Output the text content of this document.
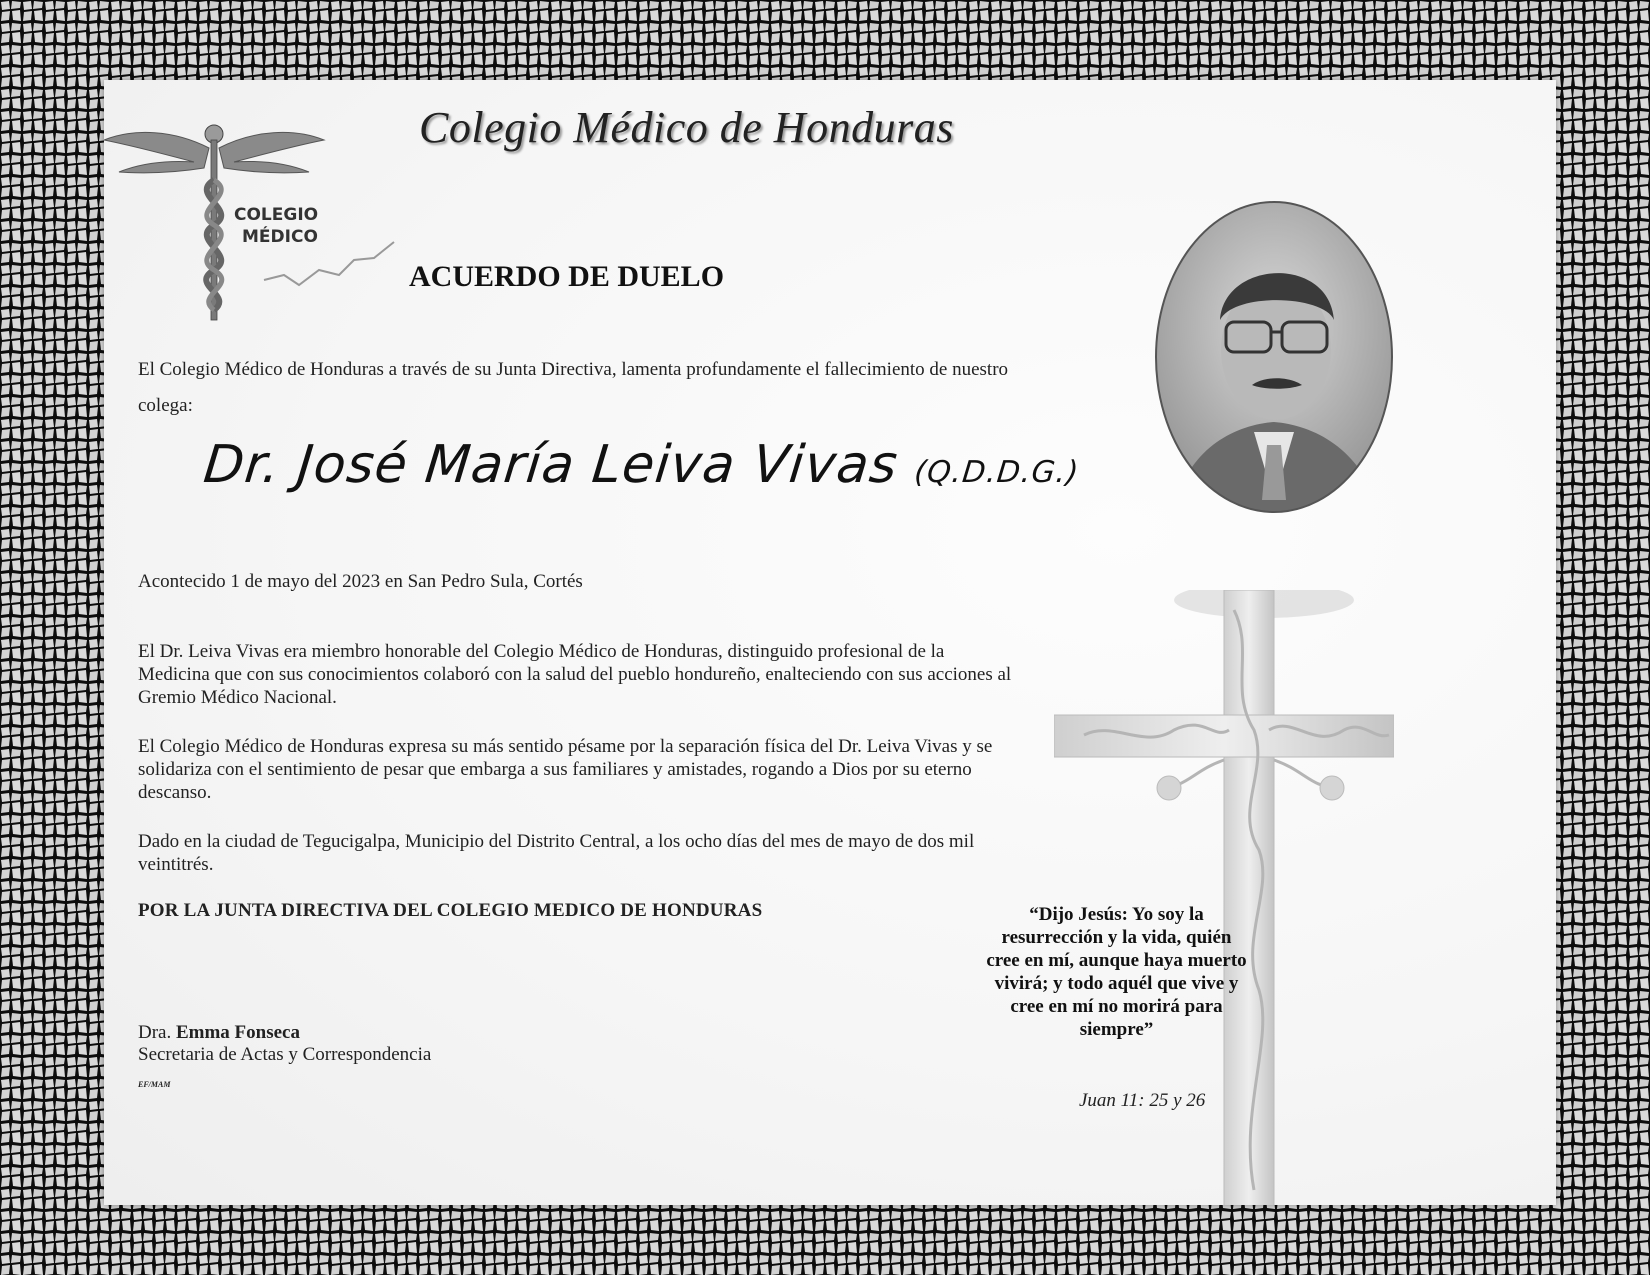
COLEGIO
MÉDICO
Colegio Médico de Honduras
ACUERDO DE DUELO
El Colegio Médico de Honduras a través de su Junta Directiva, lamenta profundamente el fallecimiento de nuestro colega:
Dr. José María Leiva Vivas (Q.D.D.G.)
Acontecido 1 de mayo del 2023 en San Pedro Sula, Cortés
El Dr. Leiva Vivas era miembro honorable del Colegio Médico de Honduras, distinguido profesional de la Medicina que con sus conocimientos colaboró con la salud del pueblo hondureño, enalteciendo con sus acciones al Gremio Médico Nacional.
El Colegio Médico de Honduras expresa su más sentido pésame por la separación física del Dr. Leiva Vivas y se solidariza con el sentimiento de pesar que embarga a sus familiares y amistades, rogando a Dios por su eterno descanso.
Dado en la ciudad de Tegucigalpa, Municipio del Distrito Central, a los ocho días del mes de mayo de dos mil veintitrés.
POR LA JUNTA DIRECTIVA DEL COLEGIO MEDICO DE HONDURAS
Dra. Emma Fonseca
Secretaria de Actas y Correspondencia
EF/MAM
“Dijo Jesús: Yo soy la resurrección y la vida, quién cree en mí, aunque haya muerto vivirá; y todo aquél que vive y cree en mí no morirá para siempre”
Juan 11: 25 y 26
